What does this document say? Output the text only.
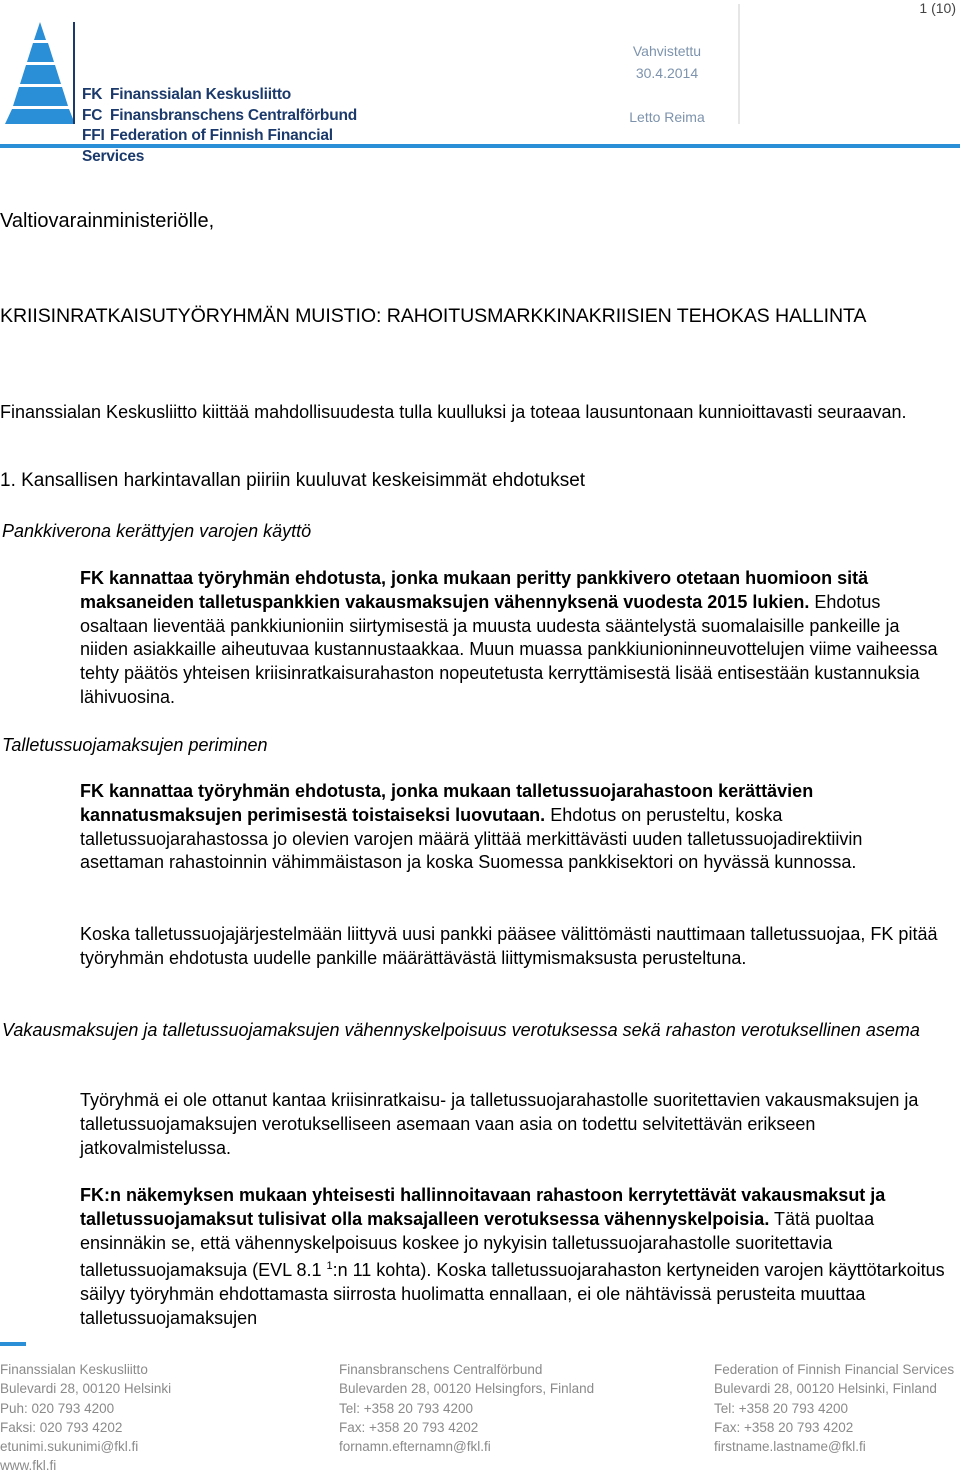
1 (10)
Vahvistettu
30.4.2014
Letto Reima
FK Finanssialan Keskusliitto
FC Finansbranschens Centralförbund
FFI Federation of Finnish Financial Services
Valtiovarainministeriölle,
KRIISINRATKAISUTYÖRYHMÄN MUISTIO: RAHOITUSMARKKINAKRIISIEN TEHOKAS HALLINTA
Finanssialan Keskusliitto kiittää mahdollisuudesta tulla kuulluksi ja toteaa lausuntonaan kunnioittavasti seuraavan.
1. Kansallisen harkintavallan piiriin kuuluvat keskeisimmät ehdotukset
Pankkiverona kerättyjen varojen käyttö
FK kannattaa työryhmän ehdotusta, jonka mukaan peritty pankkivero otetaan huomioon sitä maksaneiden talletuspankkien vakausmaksujen vähennyksenä vuodesta 2015 lukien. Ehdotus osaltaan lieventää pankkiunioniin siirtymisestä ja muusta uudesta sääntelystä suomalaisille pankeille ja niiden asiakkaille aiheutuvaa kustannustaakkaa. Muun muassa pankkiunioninneuvottelujen viime vaiheessa tehty päätös yhteisen kriisinratkaisurahaston nopeutetusta kerryttämisestä lisää entisestään kustannuksia lähivuosina.
Talletussuojamaksujen periminen
FK kannattaa työryhmän ehdotusta, jonka mukaan talletussuojarahastoon kerättävien kannatusmaksujen perimisestä toistaiseksi luovutaan. Ehdotus on perusteltu, koska talletussuojarahastossa jo olevien varojen määrä ylittää merkittävästi uuden talletussuojadirektiivin asettaman rahastoinnin vähimmäistason ja koska Suomessa pankkisektori on hyvässä kunnossa.
Koska talletussuojajärjestelmään liittyvä uusi pankki pääsee välittömästi nauttimaan talletussuojaa, FK pitää työryhmän ehdotusta uudelle pankille määrättävästä liittymismaksusta perusteltuna.
Vakausmaksujen ja talletussuojamaksujen vähennyskelpoisuus verotuksessa sekä rahaston verotuksellinen asema
Työryhmä ei ole ottanut kantaa kriisinratkaisu- ja talletussuojarahastolle suoritettavien vakausmaksujen ja talletussuojamaksujen verotukselliseen asemaan vaan asia on todettu selvitettävän erikseen jatkovalmistelussa.
FK:n näkemyksen mukaan yhteisesti hallinnoitavaan rahastoon kerrytettävät vakausmaksut ja talletussuojamaksut tulisivat olla maksajalleen verotuksessa vähennyskelpoisia. Tätä puoltaa ensinnäkin se, että vähennyskelpoisuus koskee jo nykyisin talletussuojarahastolle suoritettavia talletussuojamaksuja (EVL 8.1 $^1$:n 11 kohta). Koska talletussuojarahaston kertyneiden varojen käyttötarkoitus säilyy työryhmän ehdottamasta siirrosta huolimatta ennallaan, ei ole nähtävissä perusteita muuttaa talletussuojamaksujen
Finanssialan Keskusliitto
Bulevardi 28, 00120 Helsinki
Puh: 020 793 4200
Faksi: 020 793 4202
etunimi.sukunimi@fkl.fi
www.fkl.fi
Finansbranschens Centralförbund
Bulevarden 28, 00120 Helsingfors, Finland
Tel: +358 20 793 4200
Fax: +358 20 793 4202
fornamn.efternamn@fkl.fi
Federation of Finnish Financial Services
Bulevardi 28, 00120 Helsinki, Finland
Tel: +358 20 793 4200
Fax: +358 20 793 4202
firstname.lastname@fkl.fi
